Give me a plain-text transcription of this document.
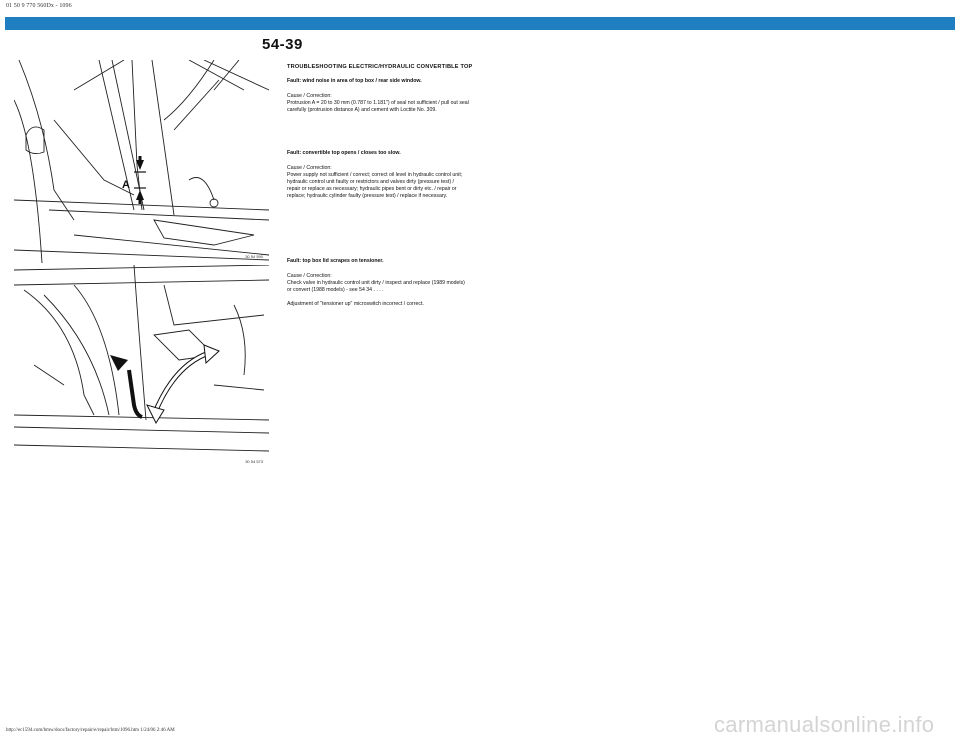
01 50 9 770 560Dx - 1096
54-39
A
30 54 590
30 54 573

TROUBLESHOOTING ELECTRIC/HYDRAULIC CONVERTIBLE TOP

Fault: wind noise in area of top box / rear side window.

Cause / Correction:

Protrusion A = 20 to 30 mm (0.787 to 1.181") of seal not sufficient / pull out seal

carefully (protrusion distance A) and cement with Loctite No. 309.

Fault: convertible top opens / closes too slow.

Cause / Correction:

Power supply not sufficient / correct; correct oil level in hydraulic control unit;

hydraulic control unit faulty or restrictors and valves dirty (pressure test) /

repair or replace as necessary; hydraulic pipes bent or dirty etc. / repair or

replace; hydraulic cylinder faulty (pressure test) / replace if necessary.

Fault: top box lid scrapes on tensioner.

Cause / Correction:

Check valve in hydraulic control unit dirty / inspect and replace (1989 models)

or convert (1988 models) - see 54 34 . . . .

Adjustment of "tensioner up" microswitch incorrect / correct.

carmanualsonline.info
http://ec1594.com/bmw/docs/factory/repair/e/repair/htm/1096.htm 1/24/06 2:46 AM
